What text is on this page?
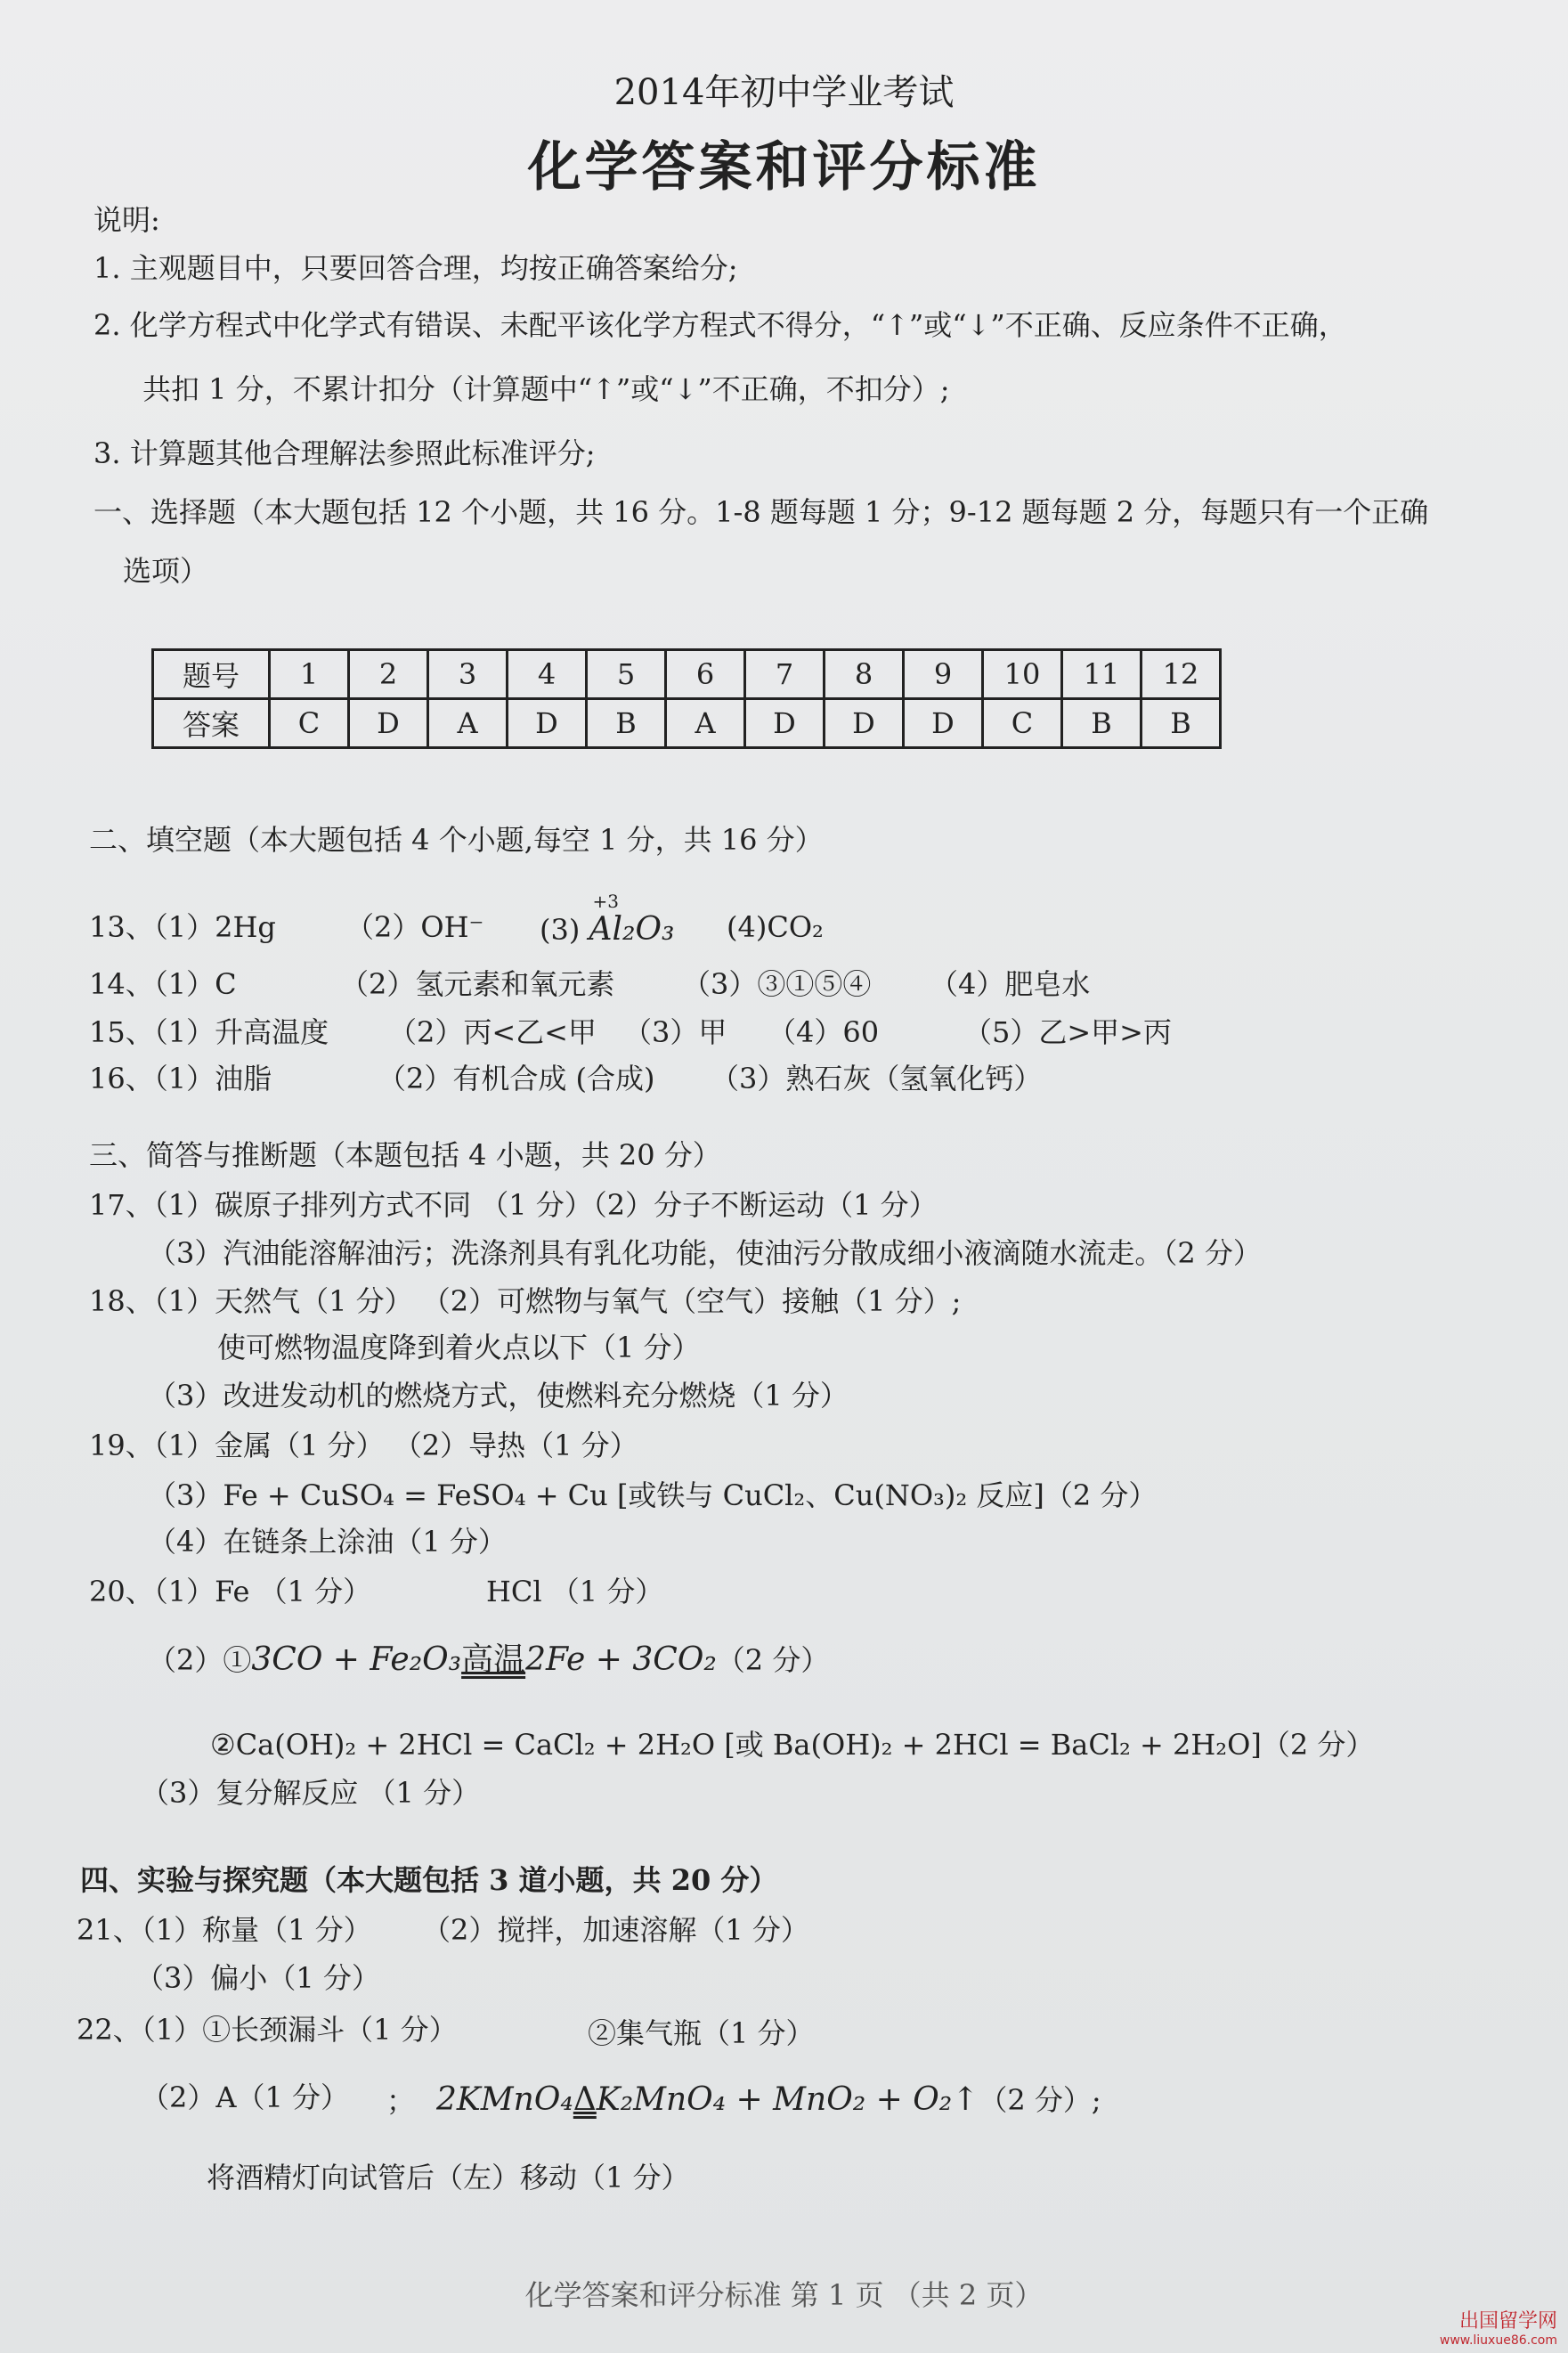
2014年初中学业考试
化学答案和评分标准
说明:
1. 主观题目中，只要回答合理，均按正确答案给分;
2. 化学方程式中化学式有错误、未配平该化学方程式不得分，“↑”或“↓”不正确、反应条件不正确，
共扣 1 分，不累计扣分（计算题中“↑”或“↓”不正确，不扣分）;
3. 计算题其他合理解法参照此标准评分;
一、选择题（本大题包括 12 个小题，共 16 分。1-8 题每题 1 分；9-12 题每题 2 分，每题只有一个正确
选项）
题号	1	2	3	4	5	6	7	8	9	10	11	12
答案	C	D	A	D	B	A	D	D	D	C	B	B
二、填空题（本大题包括 4 个小题,每空 1 分，共 16 分）
13、（1）2Hg （2）OH⁻ (3)
+3
Al₂O₃ (4)CO₂
14、（1）C	（2）氢元素和氧元素 （3）③①⑤④ （4）肥皂水
15、（1）升高温度 （2）丙<乙<甲 （3）甲 （4）60	（5）乙>甲>丙
16、（1）油脂	（2）有机合成 (合成) （3）熟石灰（氢氧化钙）
三、简答与推断题（本题包括 4 小题，共 20 分）
17、（1）碳原子排列方式不同 （1 分）（2）分子不断运动（1 分）
（3）汽油能溶解油污；洗涤剂具有乳化功能，使油污分散成细小液滴随水流走。（2 分）
18、（1）天然气（1 分） （2）可燃物与氧气（空气）接触（1 分）;
使可燃物温度降到着火点以下（1 分）
（3）改进发动机的燃烧方式，使燃料充分燃烧（1 分）
19、（1）金属（1 分） （2）导热（1 分）
（3）Fe + CuSO₄ = FeSO₄ + Cu [或铁与 CuCl₂、Cu(NO₃)₂ 反应]（2 分）
（4）在链条上涂油（1 分）
20、（1）Fe （1 分）	HCl （1 分）
（2）①3CO + Fe₂O₃高温2Fe + 3CO₂（2 分）
②Ca(OH)₂ + 2HCl = CaCl₂ + 2H₂O [或 Ba(OH)₂ + 2HCl = BaCl₂ + 2H₂O]（2 分）
（3）复分解反应 （1 分）
四、实验与探究题（本大题包括 3 道小题，共 20 分）
21、（1）称量（1 分） （2）搅拌，加速溶解（1 分）
（3）偏小（1 分）
22、（1）①长颈漏斗（1 分）	②集气瓶（1 分）
（2）A（1 分） ； 2KMnO₄ΔK₂MnO₄ + MnO₂ + O₂↑（2 分）;
将酒精灯向试管后（左）移动（1 分）
化学答案和评分标准 第 1 页 （共 2 页）
出国留学网
www.liuxue86.com
